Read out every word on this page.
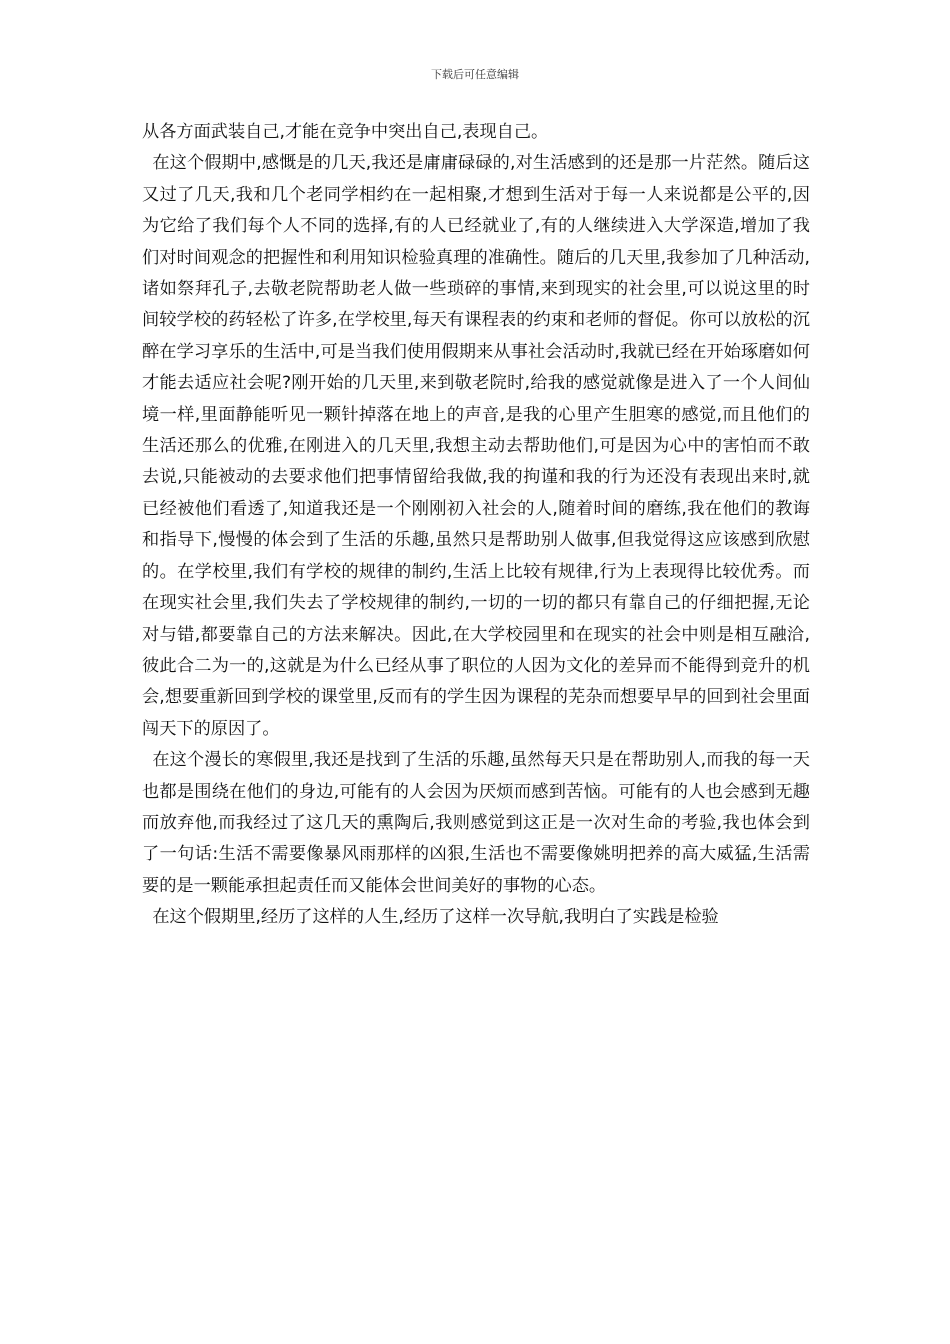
下载后可任意编辑

从各方面武装自己,才能在竞争中突出自己,表现自己。

在这个假期中,感慨是的几天,我还是庸庸碌碌的,对生活感到的还是那一片茫然。随后这又过了几天,我和几个老同学相约在一起相聚,才想到生活对于每一人来说都是公平的,因为它给了我们每个人不同的选择,有的人已经就业了,有的人继续进入大学深造,增加了我们对时间观念的把握性和利用知识检验真理的准确性。随后的几天里,我参加了几种活动,诸如祭拜孔子,去敬老院帮助老人做一些琐碎的事情,来到现实的社会里,可以说这里的时间较学校的药轻松了许多,在学校里,每天有课程表的约束和老师的督促。你可以放松的沉醉在学习享乐的生活中,可是当我们使用假期来从事社会活动时,我就已经在开始琢磨如何才能去适应社会呢?刚开始的几天里,来到敬老院时,给我的感觉就像是进入了一个人间仙境一样,里面静能听见一颗针掉落在地上的声音,是我的心里产生胆寒的感觉,而且他们的生活还那么的优雅,在刚进入的几天里,我想主动去帮助他们,可是因为心中的害怕而不敢去说,只能被动的去要求他们把事情留给我做,我的拘谨和我的行为还没有表现出来时,就已经被他们看透了,知道我还是一个刚刚初入社会的人,随着时间的磨练,我在他们的教诲和指导下,慢慢的体会到了生活的乐趣,虽然只是帮助别人做事,但我觉得这应该感到欣慰的。在学校里,我们有学校的规律的制约,生活上比较有规律,行为上表现得比较优秀。而在现实社会里,我们失去了学校规律的制约,一切的一切的都只有靠自己的仔细把握,无论对与错,都要靠自己的方法来解决。因此,在大学校园里和在现实的社会中则是相互融洽,彼此合二为一的,这就是为什么已经从事了职位的人因为文化的差异而不能得到竞升的机会,想要重新回到学校的课堂里,反而有的学生因为课程的芜杂而想要早早的回到社会里面闯天下的原因了。

在这个漫长的寒假里,我还是找到了生活的乐趣,虽然每天只是在帮助别人,而我的每一天也都是围绕在他们的身边,可能有的人会因为厌烦而感到苦恼。可能有的人也会感到无趣而放弃他,而我经过了这几天的熏陶后,我则感觉到这正是一次对生命的考验,我也体会到了一句话:生活不需要像暴风雨那样的凶狠,生活也不需要像姚明把养的高大威猛,生活需要的是一颗能承担起责任而又能体会世间美好的事物的心态。

在这个假期里,经历了这样的人生,经历了这样一次导航,我明白了实践是检验
